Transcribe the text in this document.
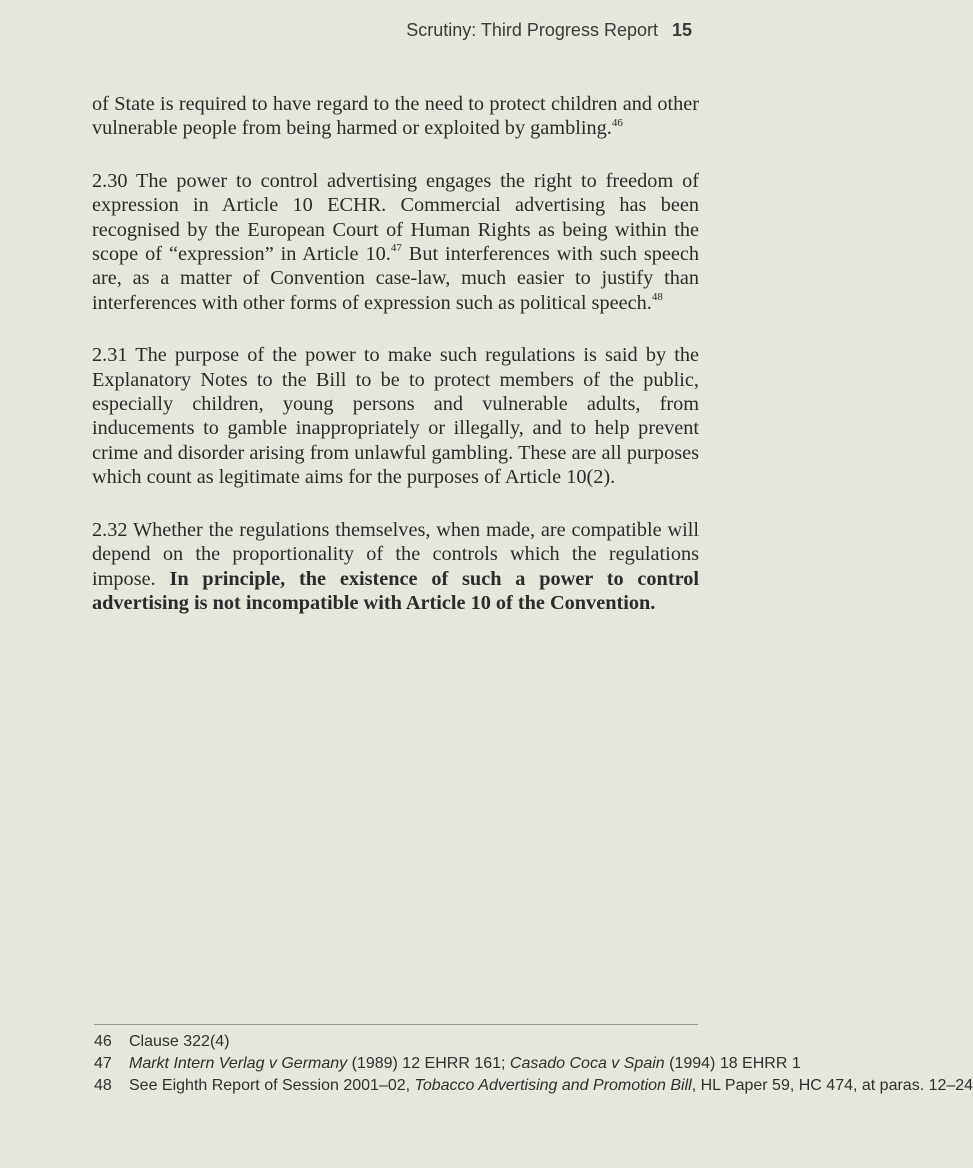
Scrutiny: Third Progress Report 15

of State is required to have regard to the need to protect children and other vulnerable people from being harmed or exploited by gambling.$^{46}$

2.30 The power to control advertising engages the right to freedom of expression in Article 10 ECHR. Commercial advertising has been recognised by the European Court of Human Rights as being within the scope of “expression” in Article 10.47 But interferences with such speech are, as a matter of Convention case-law, much easier to justify than interferences with other forms of expression such as political speech.$^{48}$

2.31 The purpose of the power to make such regulations is said by the Explanatory Notes to the Bill to be to protect members of the public, especially children, young persons and vulnerable adults, from inducements to gamble inappropriately or illegally, and to help prevent crime and disorder arising from unlawful gambling. These are all purposes which count as legitimate aims for the purposes of Article 10(2).

2.32 Whether the regulations themselves, when made, are compatible will depend on the proportionality of the controls which the regulations impose. In principle, the existence of such a power to control advertising is not incompatible with Article 10 of the Convention.

46 Clause 322(4)
47 Markt Intern Verlag v Germany (1989) 12 EHRR 161; Casado Coca v Spain (1994) 18 EHRR 1
48 See Eighth Report of Session 2001–02, Tobacco Advertising and Promotion Bill, HL Paper 59, HC 474, at paras. 12–24
